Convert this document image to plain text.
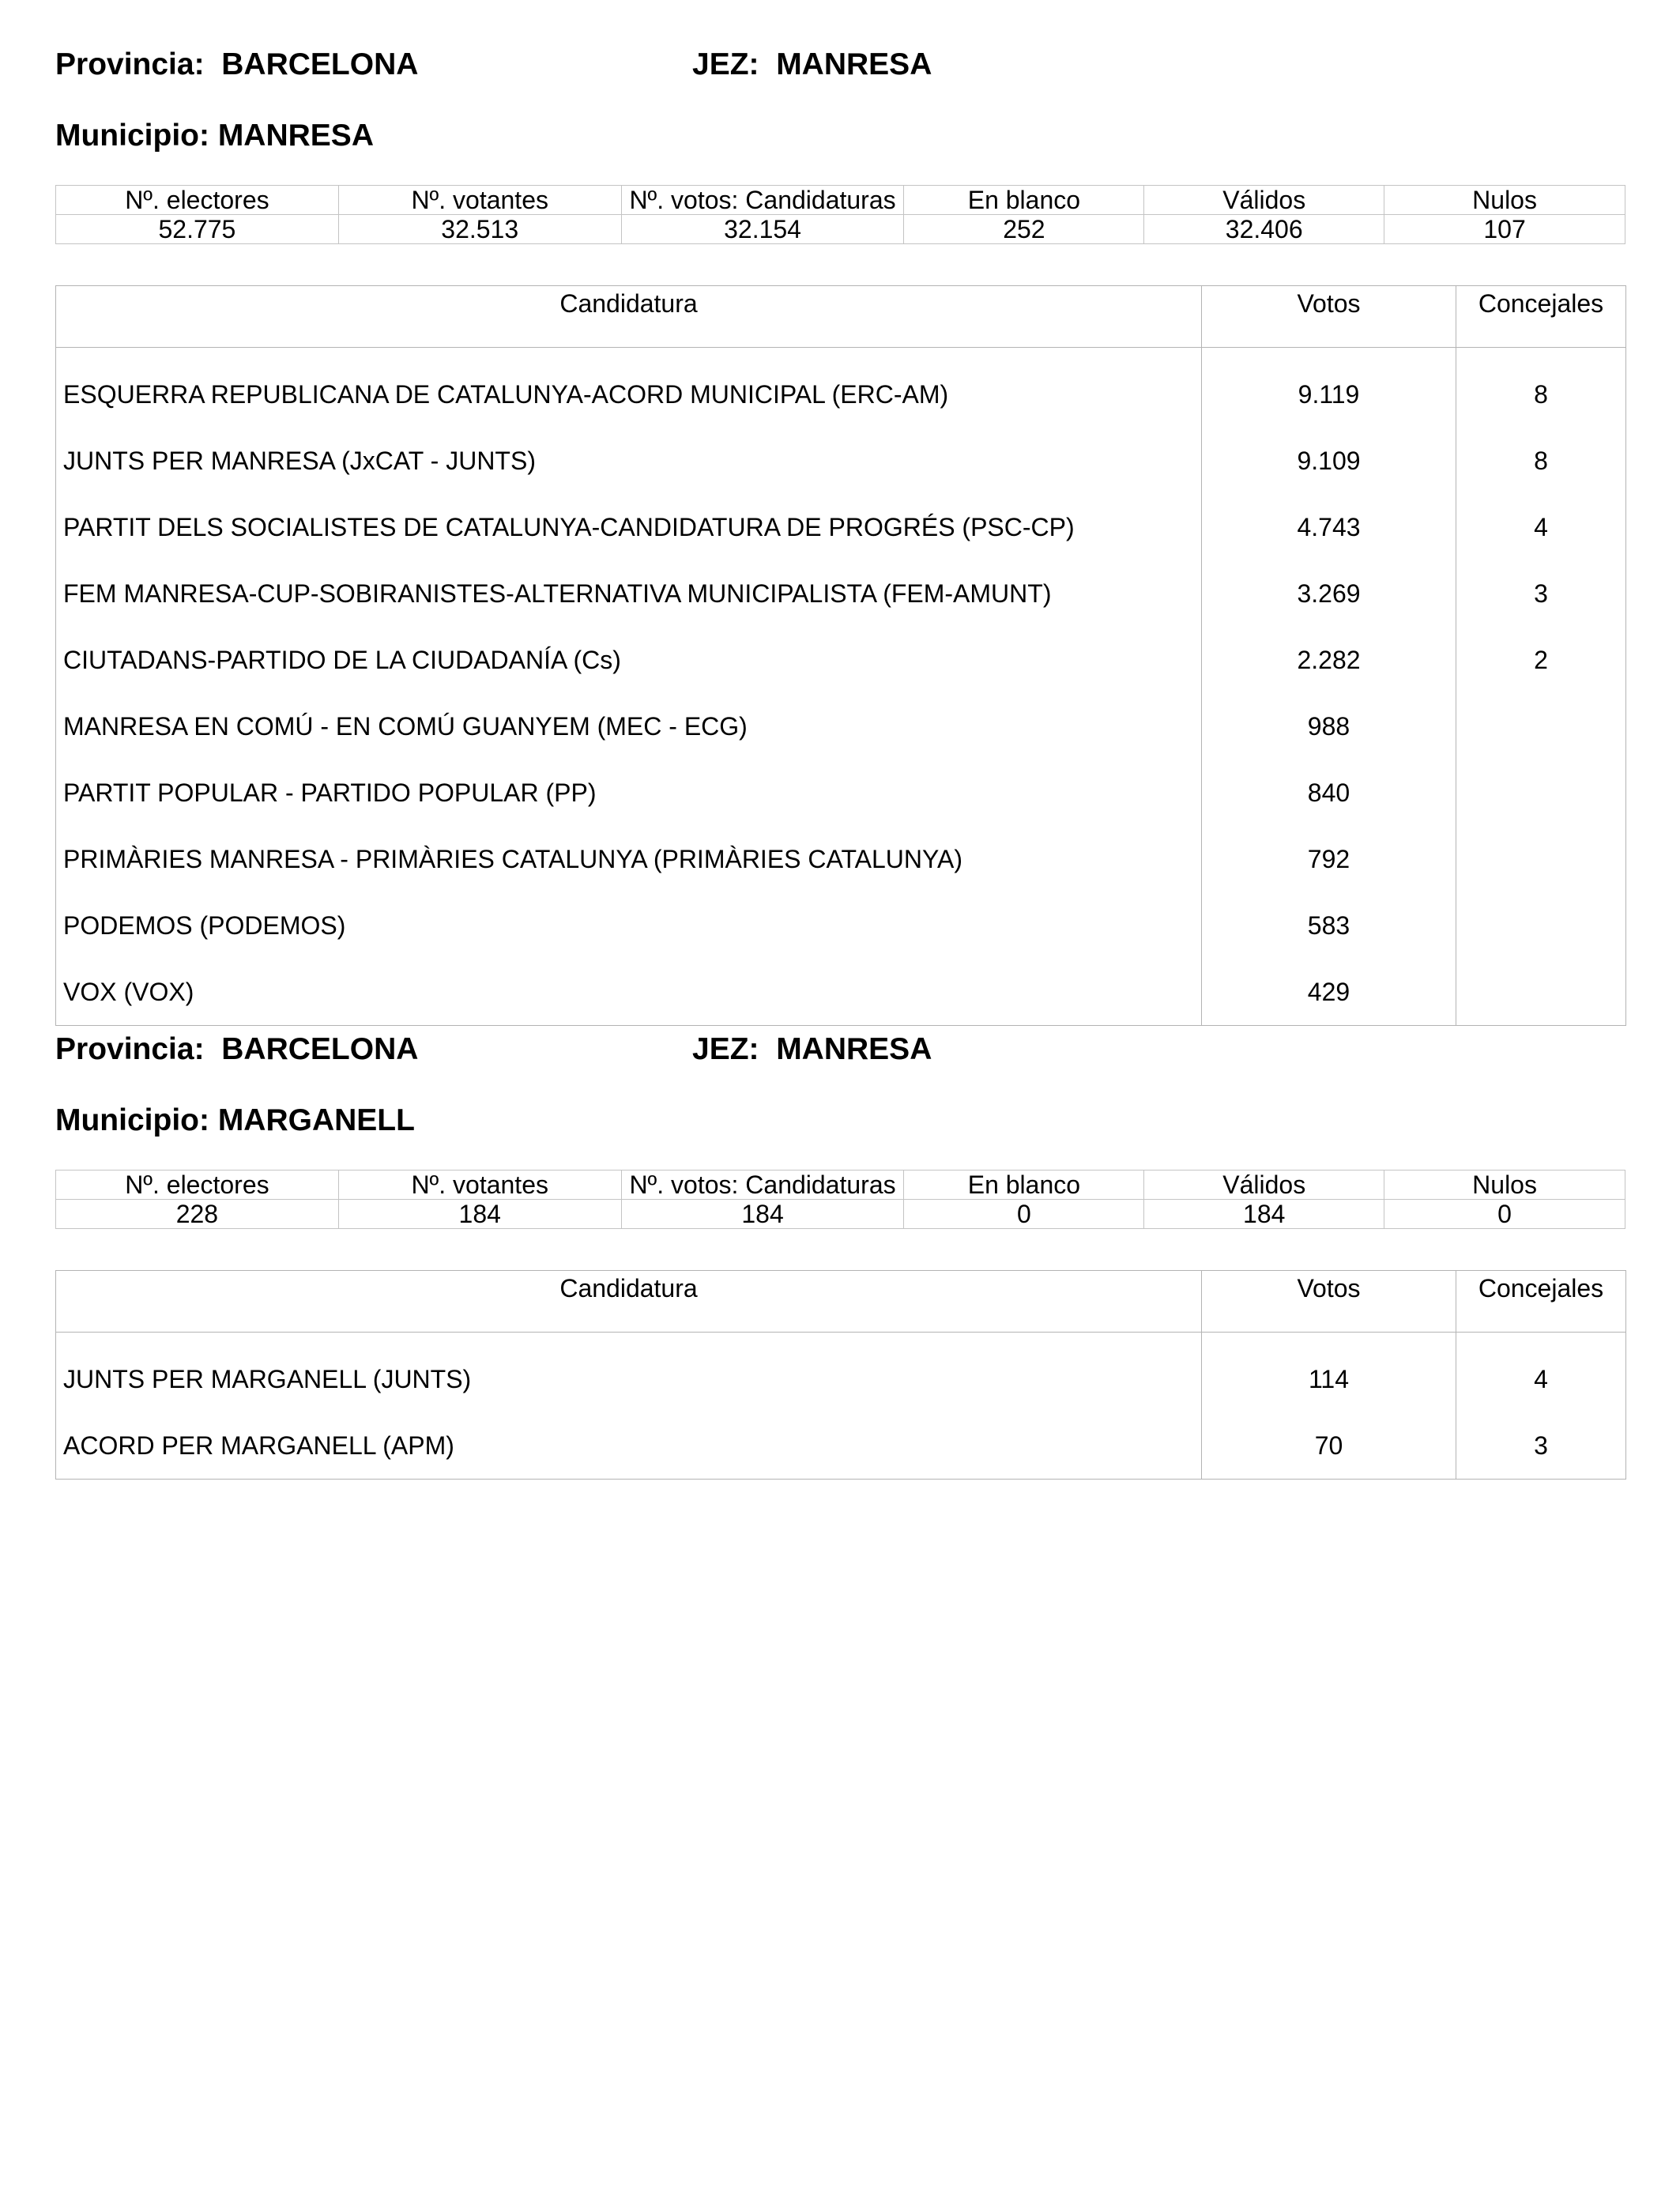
Provincia: BARCELONA	JEZ: MANRESA
Municipio: MANRESA
Nº. electores	Nº. votantes	Nº. votos: Candidaturas	En blanco	Válidos	Nulos
52.775	32.513	32.154	252	32.406	107
Candidatura	Votos	Concejales
ESQUERRA REPUBLICANA DE CATALUNYA-ACORD MUNICIPAL (ERC-AM)	9.119	8
JUNTS PER MANRESA (JxCAT - JUNTS)	9.109	8
PARTIT DELS SOCIALISTES DE CATALUNYA-CANDIDATURA DE PROGRÉS (PSC-CP)	4.743	4
FEM MANRESA-CUP-SOBIRANISTES-ALTERNATIVA MUNICIPALISTA (FEM-AMUNT)	3.269	3
CIUTADANS-PARTIDO DE LA CIUDADANÍA (Cs)	2.282	2
MANRESA EN COMÚ - EN COMÚ GUANYEM (MEC - ECG)	988	
PARTIT POPULAR - PARTIDO POPULAR (PP)	840	
PRIMÀRIES MANRESA - PRIMÀRIES CATALUNYA (PRIMÀRIES CATALUNYA)	792	
PODEMOS (PODEMOS)	583	
VOX (VOX)	429	
Provincia: BARCELONA	JEZ: MANRESA
Municipio: MARGANELL
Nº. electores	Nº. votantes	Nº. votos: Candidaturas	En blanco	Válidos	Nulos
228	184	184	0	184	0
Candidatura	Votos	Concejales
JUNTS PER MARGANELL (JUNTS)	114	4
ACORD PER MARGANELL (APM)	70	3
